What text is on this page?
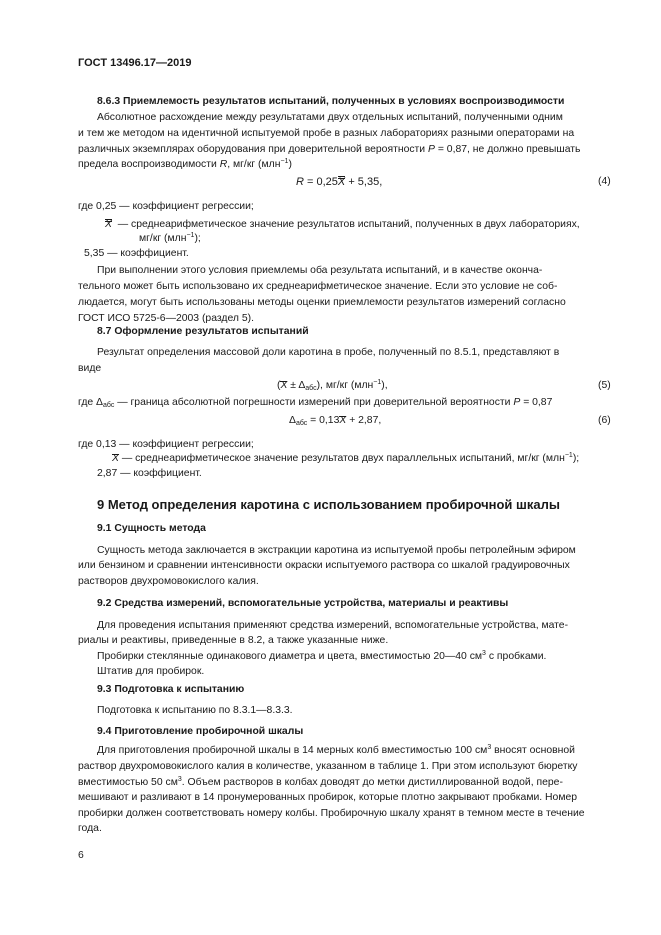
ГОСТ 13496.17—2019
8.6.3 Приемлемость результатов испытаний, полученных в условиях воспроизводимости
Абсолютное расхождение между результатами двух отдельных испытаний, полученными одним
и тем же методом на идентичной испытуемой пробе в разных лабораториях разными операторами на
различных экземплярах оборудования при доверительной вероятности P = 0,87, не должно превышать
предела воспроизводимости R, мг/кг (млн$^{-1}$)
R = 0,25X + 5,35,	(4)
где 0,25 — коэффициент регрессии;
X — среднеарифметическое значение результатов испытаний, полученных в двух лабораториях,
мг/кг (млн$^{-1}$);
5,35 — коэффициент.
При выполнении этого условия приемлемы оба результата испытаний, и в качестве оконча-
тельного может быть использовано их среднеарифметическое значение. Если это условие не соб-
людается, могут быть использованы методы оценки приемлемости результатов измерений согласно
ГОСТ ИСО 5725-6—2003 (раздел 5).
8.7 Оформление результатов испытаний
Результат определения массовой доли каротина в пробе, полученный по 8.5.1, представляют в
виде
$(X \pm \Delta_{абс})$, мг/кг (млн$^{-1}$),	(5)
где $\Delta_{абс}$ — граница абсолютной погрешности измерений при доверительной вероятности P = 0,87
$\Delta_{абс} = 0,13X + 2,87$,	(6)
где 0,13 — коэффициент регрессии;
X — среднеарифметическое значение результатов двух параллельных испытаний, мг/кг (млн$^{-1}$);
2,87 — коэффициент.
9 Метод определения каротина с использованием пробирочной шкалы
9.1 Сущность метода
Сущность метода заключается в экстракции каротина из испытуемой пробы петролейным эфиром
или бензином и сравнении интенсивности окраски испытуемого раствора со шкалой градуировочных
растворов двухромовокислого калия.
9.2 Средства измерений, вспомогательные устройства, материалы и реактивы
Для проведения испытания применяют средства измерений, вспомогательные устройства, мате-
риалы и реактивы, приведенные в 8.2, а также указанные ниже.
Пробирки стеклянные одинакового диаметра и цвета, вместимостью 20—40 $см^3$ с пробками.
Штатив для пробирок.
9.3 Подготовка к испытанию
Подготовка к испытанию по 8.3.1—8.3.3.
9.4 Приготовление пробирочной шкалы
Для приготовления пробирочной шкалы в 14 мерных колб вместимостью 100 $см^3$ вносят основной
раствор двухромовокислого калия в количестве, указанном в таблице 1. При этом используют бюретку
вместимостью 50 $см^3$. Объем растворов в колбах доводят до метки дистиллированной водой, пере-
мешивают и разливают в 14 пронумерованных пробирок, которые плотно закрывают пробками. Номер
пробирки должен соответствовать номеру колбы. Пробирочную шкалу хранят в темном месте в течение
года.
6
